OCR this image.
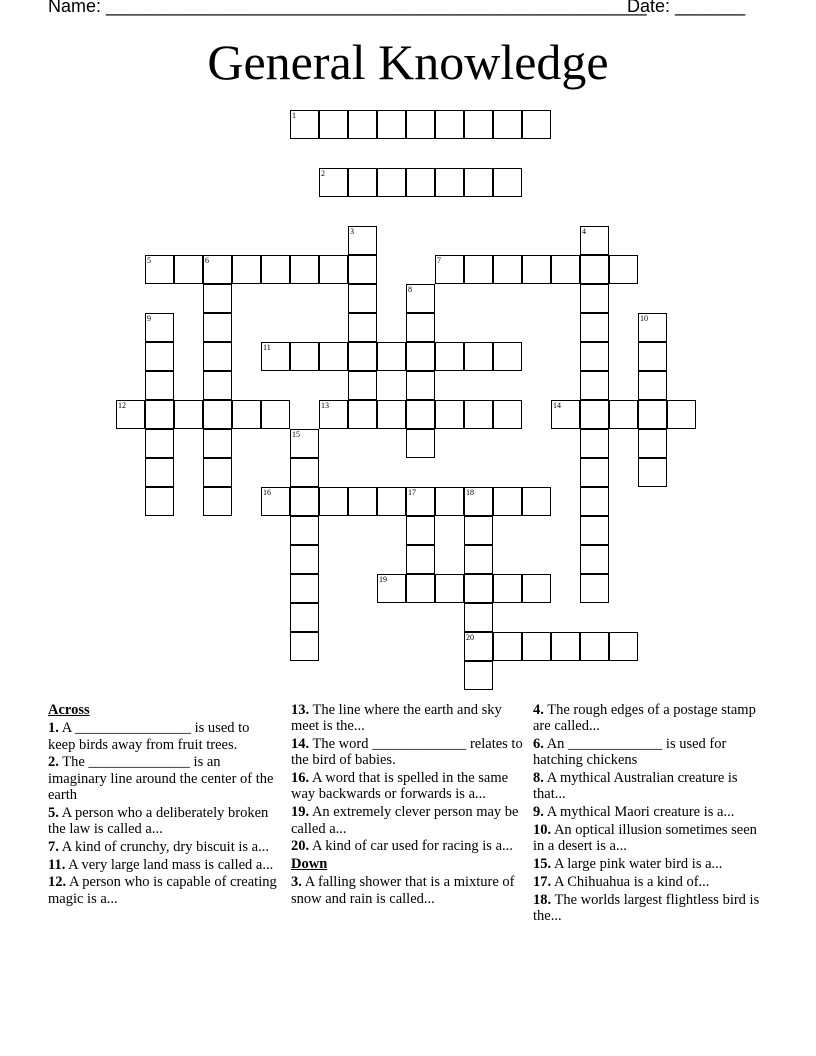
Name: ______________________________________________________
Date: _______
General Knowledge
1
2
3	4
5	6	7
8
9	10
11
12	13	14
15
16	17	18
20
19
Across
1. A ________________ is used to keep birds away from fruit trees.
2. The ______________ is an imaginary line around the center of the earth
5. A person who a deliberately broken the law is called a...
7. A kind of crunchy, dry biscuit is a...
11. A very large land mass is called a...
12. A person who is capable of creating magic is a...
13. The line where the earth and sky meet is the...
14. The word _____________ relates to the bird of babies.
16. A word that is spelled in the same way backwards or forwards is a...
19. An extremely clever person may be called a...
20. A kind of car used for racing is a...
Down
3. A falling shower that is a mixture of snow and rain is called...
4. The rough edges of a postage stamp are called...
6. An _____________ is used for hatching chickens
8. A mythical Australian creature is that...
9. A mythical Maori creature is a...
10. An optical illusion sometimes seen in a desert is a...
15. A large pink water bird is a...
17. A Chihuahua is a kind of...
18. The worlds largest flightless bird is the...
